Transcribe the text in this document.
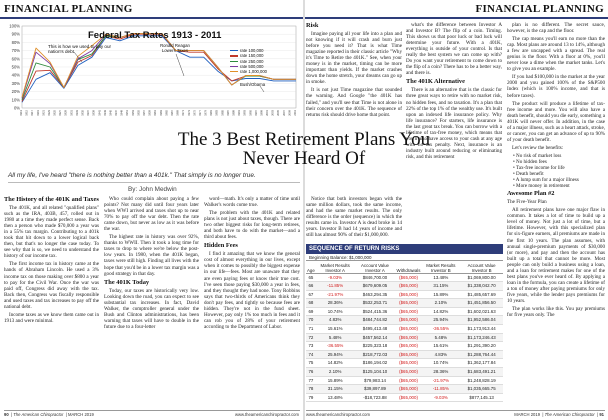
FINANCIAL PLANNING
0%
10%
20%
30%
40%
50%
60%
70%
80%
90%
100%
1913 1915 1917 1919 1921 1923 1925 1927 1929 1931 1933 1935 1937 1939 1941 1943 1945 1947 1949 1951 1953 1955 1957 1959 1961 1963 1965 1967 1969 1971 1973 1975 1977 1979 1981 1983 1985 1987 1989 1991 1993 1995 1997 1999 2001 2003 2005 2007 2009 2011
Federal Tax Rates 1913 - 2011
This is how we used to pay our nation's debt
Ronald Reagan Lowers Taxes
Bush/Obama
rate 100,000
rate 150,000
rate 250,000
rate 500,000
rate 1,000,000
By: John Medwin
The History of the 401K and Taxes

The 401K, and all related "qualified plans" such as the IRA, 403B, 457, rolled out in 1980 at a time they made perfect sense. Back then a person who made $70,000 a year was in a 55% tax margin. Contributing to a 401k took that hit down to a lower logical back then, but that's no longer the case today. To see why that is so, we need to understand the history of our income tax.

The first income tax in history came at the hands of Abraham Lincoln. He used a 3% income tax on those making over $800 a year to pay for the Civil War. Once the war was paid off, Congress did away with the tax. Back then, Congress was fiscally responsible and used taxes and tax increases to pay off the national debt.

Income taxes as we know them came out in 1913 and were minimal.

Who could complain about paying a few points? Not many did until four years later when WWI arrived and taxes shot up to near 70% to pay off the war debt. Then the rate came down, but never as low as it was before the war.

The highest rate in history was over 92%, thanks to WWII. Then it took a long time for taxes to drop to where we're below the post-low years. In 1980, when the 401K began, taxes were still high. Finding all lives with the hope that you'd be in a lower tax margin was a good strategy in that day.

The 401K Today

Today, our taxes are historically very low. Looking down the road, you can expect to see substantial tax increases. In fact, David Walker, the comptroller general under the Bush and Clinton administrations, has been warning that taxes will have to double in the future due to a four-letter

word—math. It's only a matter of time until Walker's words come true.

The problem with the 401K and related plans is not just about taxes, though. There are two other biggest risks for long-term retirees, and both have to do with the market—and a third about fees.

Hidden Fees

I find it amazing that we know the general cost of almost everything in our lives, except when it comes to possibly the biggest expense in our life—fees. Most are unaware that they are even paying fees or know their true cost. I've seen those paying $30,000 a year in fees, and they thought they had none. Tony Robbins says that two-thirds of Americans think they don't pay fees, and tightly so because fees are hidden. They're not in the fund sheet. However, pay only 1% too much in fees and it can rob you of 28% of your retirement according to the Department of Labor.

90  | The American Chiropractor  | MARCH 2019	www.theamericanchiropractor.com
FINANCIAL PLANNING
Risk

Imagine paying all your life into a plan and not knowing if it will crash and burn just before you need it? That is what Time magazine reported in their classic article "Why it's Time to Retire the 401K." See, when your money is in the market, timing can be more important than yields. If the market crashes down the home stretch, your dreams can go up in smoke.

It is not just Time magazine that sounded the warning. And Google "the 401K has failed," and you'll see that Time is not alone in their concern over the 401K. The sequence of returns risk should drive home that point.

what's the difference between Investor A and Investor B? The flip of a coin. Timing. This shows us that poor luck or bad luck will determine your future. With a 401K, everything is outside of your control. Is that really the best system we can come up with? Do you want your retirement to come down to the flip of a coin? There has to be a better way, and there is.

The 401K Alternative

There is an alternative that is the classic for three great ways to retire with no market risk, no hidden fees, and no taxation. It's a plan that 22% of the top 1% of the wealthy use. It's built upon an indexed life insurance policy. Why life insurance? For starters, life insurance is the last great tax break. You can borrow with a lifetime of tax-free money, which means that you'll also have access to your cash at any age with no tax penalty. Next, insurance is an industry built around reducing or eliminating risk, and this retirement

Notice that both investors began with the same million dollars, took the same income, and had the same market results. The only difference is the order (sequence) in which the results came in. Investor A is dead broke in 14 years. Investor B had 14 years of income and still has almost 90% of their $1,000,000.

plan is no different. The secret sauce, however, is the cap and the floor.

The cap means you'll earn no more than the cap. Most plans are around 13 to 14%, although a few are uncapped with a spread. The real genius is the floor. With a floor at 0%, you'll never lose a dime when the market tanks. Let's to give you an example.

If you had $100,000 in the market at the year 2000 and you gained 100% of the S&P500 Index (which is 100% income, and that is before taxes).

The product will produce a lifetime of tax-free income and more. You will also have a death benefit, should you die early, something a 401K will never offer. In addition, in the case of a major illness, such as a heart attack, stroke, or cancer, you can get an advance of up to 90% of your death benefit.

Let's review the benefits:

• No risk of market loss
• No hidden fees
• Tax-free income for life
• Death benefit
• A lump sum for a major illness
• More money in retirement
Awesome Plan #2

The Five-Year Plan

All retirement plans have one major flaw in common. It takes a lot of time to build up a level of money. Not just a lot of time, but a lifetime. However, with this specialized plan for six-figure earners, all premiums are made in the first 10 years. The plan assumes, with annual single-premium payments of $30,000 (or more), and pay and then the account has built up a total that cannot be more. Most people can only build a business using a loan, and a loan for retirement makes for one of the best plans you've ever heard of. By applying a loan in the formula, you can create a lifetime of a ton of money after paying premiums for only five years, while the lender pays premiums for 10 years.

The plan works like this. You pay premiums for five years only. The

SEQUENCE OF RETURN RISKS
Beginning Balance: $1,000,000
Age	Market Results Investor A	Account Value Investor A	Withdrawals	Market Results Investor B	Account Value Investor B
65	-9.03%	$846,700.00	($65,000)	13.48%	$1,069,800.00
66	-11.85%	$679,609.05	($65,000)	31.15%	$1,338,042.70
67	-21.97%	$463,294.35	($65,000)	15.89%	$1,485,657.69
68	28.36%	$532,253.71	($65,000)	2.10%	$1,451,856.50
69	10.74%	$524,415.36	($65,000)	14.82%	$1,602,021.63
70	4.83%	$484,744.82	($65,000)	25.94%	$1,952,586.04
71	15.61%	$495,413.48	($65,000)	-36.55%	$1,173,913.44
72	5.48%	$457,562.14	($65,000)	5.48%	$1,173,246.43
73	-36.55%	$225,323.18	($65,000)	15.61%	$1,291,390.20
74	25.94%	$218,772.03	($65,000)	4.83%	$1,288,764.44
75	14.82%	$186,194.02	($65,000)	10.74%	$1,362,177.84
76	2.10%	$125,104.10	($65,000)	28.36%	$1,683,491.21
77	15.89%	$79,983.14	($65,000)	-21.97%	$1,248,828.19
78	31.15%	$39,897.89	($65,000)	-11.85%	$1,035,665.75
79	13.48%	-$18,723.88	($65,000)	-9.03%	$877,145.13
www.theamericanchiropractor.com	MARCH 2019  | The American Chiropractor  | 91
The 3 Best Retirement Plans You
Never Heard Of
All my life, I've heard "there is nothing better than a 401k." That simply is no longer true.
